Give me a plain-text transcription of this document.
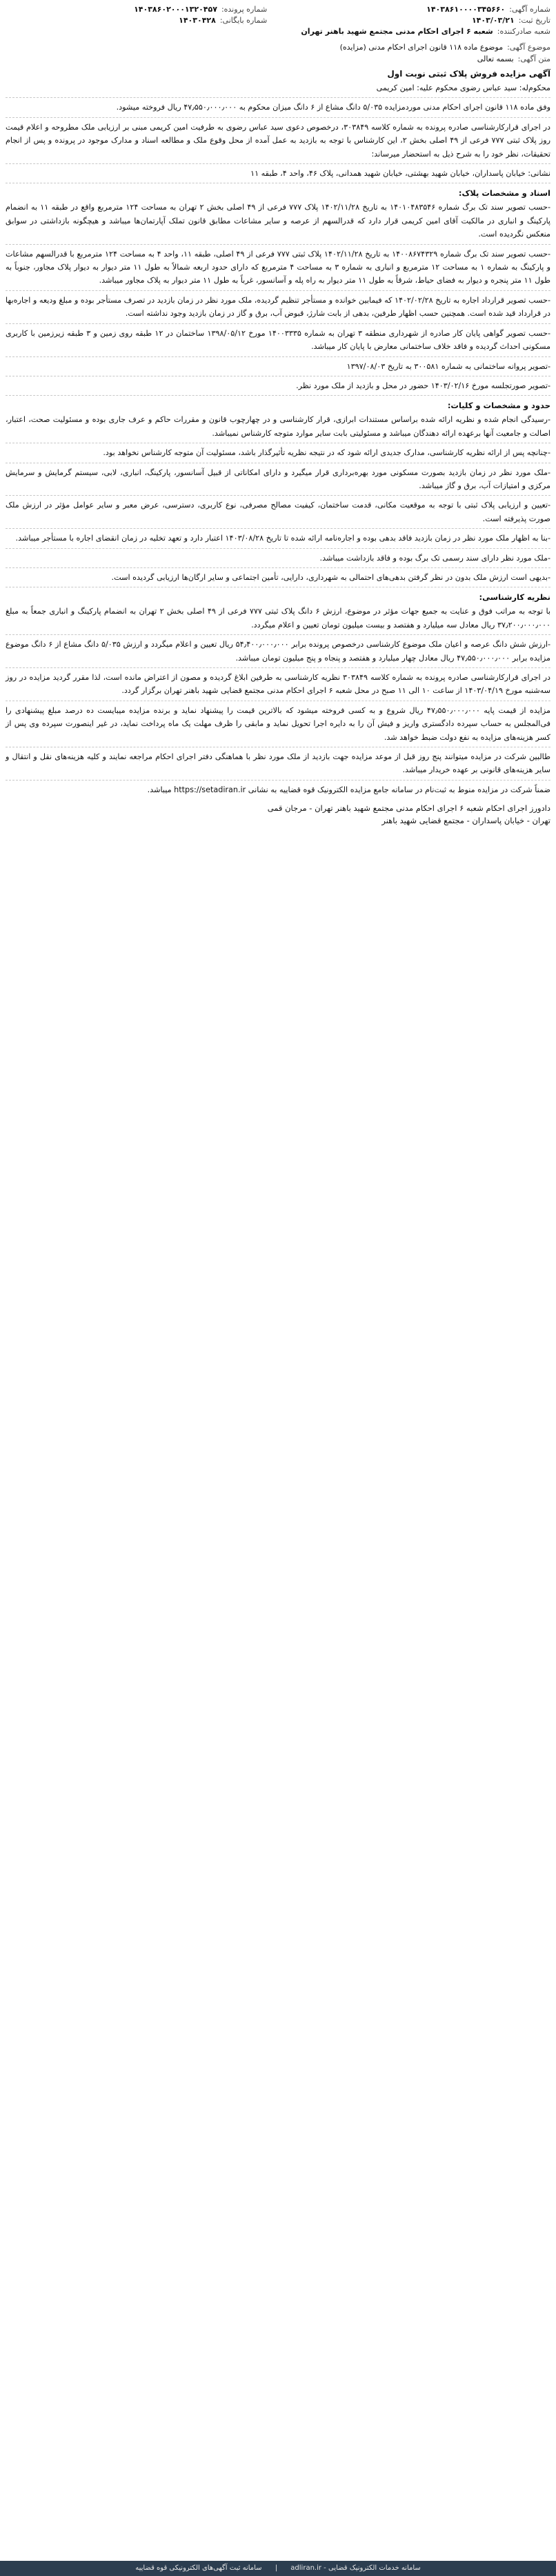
شماره آگهی:
۱۴۰۳۸۶۱۰۰۰۰۳۴۵۶۶۰
تاریخ ثبت:
۱۴۰۳/۰۳/۲۱
شعبه صادرکننده:
شعبه ۶ اجرای احکام مدنی مجتمع شهید باهنر تهران
شماره پرونده:
۱۴۰۳۸۶۰۲۰۰۰۱۳۲۰۴۵۷
شماره بایگانی:
۱۴۰۳۰۴۲۸
موضوع آگهی:
موضوع ماده ۱۱۸ قانون اجرای احکام مدنی (مزایده)
متن آگهی:
بسمه تعالی
آگهی مزایده فروش پلاک ثبتی نوبت اول

محکوم‌له: سید عباس رضوی محکوم علیه: امین کریمی

وفق ماده ۱۱۸ قانون اجرای احکام مدنی موردمزایده ۵/۰۳۵ دانگ مشاع از ۶ دانگ میزان محکوم به ۴۷٫۵۵۰٫۰۰۰٫۰۰۰ ریال فروخته میشود.

در اجرای قرارکارشناسی صادره پرونده به شماره کلاسه ۳۰۳۸۴۹، درخصوص دعوی سید عباس رضوی به طرفیت امین کریمی مبنی بر ارزیابی ملک مطروحه و اعلام قیمت روز پلاک ثبتی ۷۷۷ فرعی از ۴۹ اصلی بخش ۲، این کارشناس با توجه به بازدید به عمل آمده از محل وقوع ملک و مطالعه اسناد و مدارک موجود در پرونده و پس از انجام تحقیقات، نظر خود را به شرح ذیل به استحضار میرساند:

نشانی: خیابان پاسداران، خیابان شهید بهشتی، خیابان شهید همدانی، پلاک ۴۶، واحد ۴، طبقه ۱۱

اسناد و مشخصات پلاک:

-حسب تصویر سند تک برگ شماره ۱۴۰۱۰۴۸۳۵۴۶ به تاریخ ۱۴۰۲/۱۱/۲۸ پلاک ۷۷۷ فرعی از ۴۹ اصلی بخش ۲ تهران به مساحت ۱۲۴ مترمربع واقع در طبقه ۱۱ به انضمام پارکینگ و انباری در مالکیت آقای امین کریمی قرار دارد که قدرالسهم از عرصه و سایر مشاعات مطابق قانون تملک آپارتمان‌ها میباشد و هیچگونه بازداشتی در سوابق منعکس نگردیده است.

-حسب تصویر سند تک برگ شماره ۱۴۰۰۸۶۷۴۳۲۹ به تاریخ ۱۴۰۲/۱۱/۲۸ پلاک ثبتی ۷۷۷ فرعی از ۴۹ اصلی، طبقه ۱۱، واحد ۴ به مساحت ۱۲۴ مترمربع با قدرالسهم مشاعات و پارکینگ به شماره ۱ به مساحت ۱۲ مترمربع و انباری به شماره ۳ به مساحت ۴ مترمربع که دارای حدود اربعه شمالاً به طول ۱۱ متر دیوار به دیوار پلاک مجاور، جنوباً به طول ۱۱ متر پنجره و دیوار به فضای حیاط، شرقاً به طول ۱۱ متر دیوار به راه پله و آسانسور، غرباً به طول ۱۱ متر دیوار به پلاک مجاور میباشد.

-حسب تصویر قرارداد اجاره به تاریخ ۱۴۰۲/۰۲/۲۸ که فیمابین خوانده و مستأجر تنظیم گردیده، ملک مورد نظر در زمان بازدید در تصرف مستأجر بوده و مبلغ ودیعه و اجاره‌بها در قرارداد قید شده است. همچنین حسب اظهار طرفین، بدهی از بابت شارژ، قبوض آب، برق و گاز در زمان بازدید وجود نداشته است.

-حسب تصویر گواهی پایان کار صادره از شهرداری منطقه ۳ تهران به شماره ۱۴۰۰۳۳۳۵ مورخ ۱۳۹۸/۰۵/۱۲ ساختمان در ۱۲ طبقه روی زمین و ۳ طبقه زیرزمین با کاربری مسکونی احداث گردیده و فاقد خلاف ساختمانی معارض با پایان کار میباشد.

-تصویر پروانه ساختمانی به شماره ۳۰۰۵۸۱ به تاریخ ۱۳۹۷/۰۸/۰۳

-تصویر صورتجلسه مورخ ۱۴۰۳/۰۲/۱۶ حضور در محل و بازدید از ملک مورد نظر.

حدود و مشخصات و کلیات:

-رسیدگی انجام شده و نظریه ارائه شده براساس مستندات ابرازی، قرار کارشناسی و در چهارچوب قانون و مقررات حاکم و عرف جاری بوده و مسئولیت صحت، اعتبار، اصالت و جامعیت آنها برعهده ارائه دهندگان میباشد و مسئولیتی بابت سایر موارد متوجه کارشناس نمیباشد.

-چنانچه پس از ارائه نظریه کارشناسی، مدارک جدیدی ارائه شود که در نتیجه نظریه تأثیرگذار باشد، مسئولیت آن متوجه کارشناس نخواهد بود.

-ملک مورد نظر در زمان بازدید بصورت مسکونی مورد بهره‌برداری قرار میگیرد و دارای امکاناتی از قبیل آسانسور، پارکینگ، انباری، لابی، سیستم گرمایش و سرمایش مرکزی و امتیازات آب، برق و گاز میباشد.

-تعیین و ارزیابی پلاک ثبتی با توجه به موقعیت مکانی، قدمت ساختمان، کیفیت مصالح مصرفی، نوع کاربری، دسترسی، عرض معبر و سایر عوامل مؤثر در ارزش ملک صورت پذیرفته است.

-بنا به اظهار ملک مورد نظر در زمان بازدید فاقد بدهی بوده و اجاره‌نامه ارائه شده تا تاریخ ۱۴۰۳/۰۸/۲۸ اعتبار دارد و تعهد تخلیه در زمان انقضای اجاره با مستأجر میباشد.

-ملک مورد نظر دارای سند رسمی تک برگ بوده و فاقد بازداشت میباشد.

-بدیهی است ارزش ملک بدون در نظر گرفتن بدهی‌های احتمالی به شهرداری، دارایی، تأمین اجتماعی و سایر ارگان‌ها ارزیابی گردیده است.

نظریه کارشناسی:

با توجه به مراتب فوق و عنایت به جمیع جهات مؤثر در موضوع، ارزش ۶ دانگ پلاک ثبتی ۷۷۷ فرعی از ۴۹ اصلی بخش ۲ تهران به انضمام پارکینگ و انباری جمعاً به مبلغ ۳۷٫۲۰۰٫۰۰۰٫۰۰۰ ریال معادل سه میلیارد و هفتصد و بیست میلیون تومان تعیین و اعلام میگردد.

-ارزش شش دانگ عرصه و اعیان ملک موضوع کارشناسی درخصوص پرونده برابر ۵۴٫۴۰۰٫۰۰۰٫۰۰۰ ریال تعیین و اعلام میگردد و ارزش ۵/۰۳۵ دانگ مشاع از ۶ دانگ موضوع مزایده برابر ۴۷٫۵۵۰٫۰۰۰٫۰۰۰ ریال معادل چهار میلیارد و هفتصد و پنجاه و پنج میلیون تومان میباشد.

در اجرای قرارکارشناسی صادره پرونده به شماره کلاسه ۳۰۳۸۴۹ نظریه کارشناسی به طرفین ابلاغ گردیده و مصون از اعتراض مانده است، لذا مقرر گردید مزایده در روز سه‌شنبه مورخ ۱۴۰۳/۰۴/۱۹ از ساعت ۱۰ الی ۱۱ صبح در محل شعبه ۶ اجرای احکام مدنی مجتمع قضایی شهید باهنر تهران برگزار گردد.

مزایده از قیمت پایه ۴۷٫۵۵۰٫۰۰۰٫۰۰۰ ریال شروع و به کسی فروخته میشود که بالاترین قیمت را پیشنهاد نماید و برنده مزایده میبایست ده درصد مبلغ پیشنهادی را فی‌المجلس به حساب سپرده دادگستری واریز و فیش آن را به دایره اجرا تحویل نماید و مابقی را ظرف مهلت یک ماه پرداخت نماید، در غیر اینصورت سپرده وی پس از کسر هزینه‌های مزایده به نفع دولت ضبط خواهد شد.

طالبین شرکت در مزایده میتوانند پنج روز قبل از موعد مزایده جهت بازدید از ملک مورد نظر با هماهنگی دفتر اجرای احکام مراجعه نمایند و کلیه هزینه‌های نقل و انتقال و سایر هزینه‌های قانونی بر عهده خریدار میباشد.

ضمناً شرکت در مزایده منوط به ثبت‌نام در سامانه جامع مزایده الکترونیک قوه قضاییه به نشانی https://setadiran.ir میباشد.

دادورز اجرای احکام شعبه ۶ اجرای احکام مدنی مجتمع شهید باهنر تهران - مرجان قمی
تهران - خیابان پاسداران - مجتمع قضایی شهید باهنر
سامانه خدمات الکترونیک قضایی - adliran.ir | سامانه ثبت آگهی‌های الکترونیکی قوه قضاییه
